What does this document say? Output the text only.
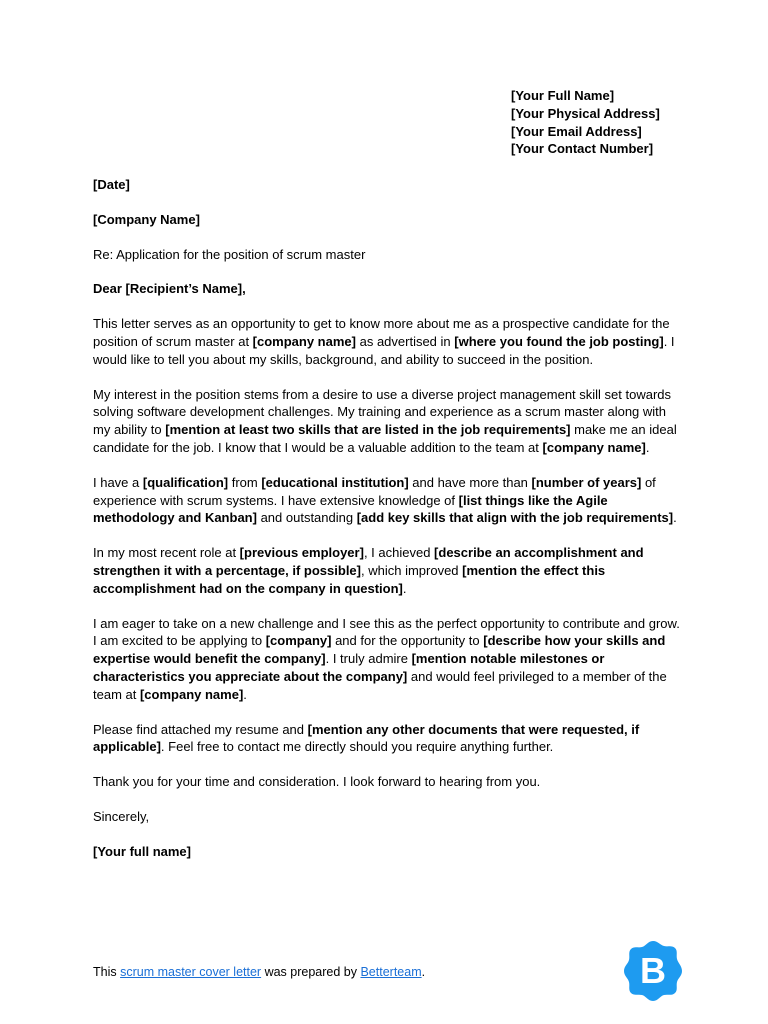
[Your Full Name]
[Your Physical Address]
[Your Email Address]
[Your Contact Number]

[Date]

[Company Name]

Re: Application for the position of scrum master

Dear [Recipient’s Name],

This letter serves as an opportunity to get to know more about me as a prospective candidate for the position of scrum master at [company name] as advertised in [where you found the job posting]. I would like to tell you about my skills, background, and ability to succeed in the position.

My interest in the position stems from a desire to use a diverse project management skill set towards solving software development challenges. My training and experience as a scrum master along with my ability to [mention at least two skills that are listed in the job requirements] make me an ideal candidate for the job. I know that I would be a valuable addition to the team at [company name].

I have a [qualification] from [educational institution] and have more than [number of years] of experience with scrum systems. I have extensive knowledge of [list things like the Agile methodology and Kanban] and outstanding [add key skills that align with the job requirements].

In my most recent role at [previous employer], I achieved [describe an accomplishment and strengthen it with a percentage, if possible], which improved [mention the effect this accomplishment had on the company in question].

I am eager to take on a new challenge and I see this as the perfect opportunity to contribute and grow. I am excited to be applying to [company] and for the opportunity to [describe how your skills and expertise would benefit the company]. I truly admire [mention notable milestones or characteristics you appreciate about the company] and would feel privileged to a member of the team at [company name].

Please find attached my resume and [mention any other documents that were requested, if applicable]. Feel free to contact me directly should you require anything further.

Thank you for your time and consideration. I look forward to hearing from you.

Sincerely,

[Your full name]

This scrum master cover letter was prepared by Betterteam.	B
